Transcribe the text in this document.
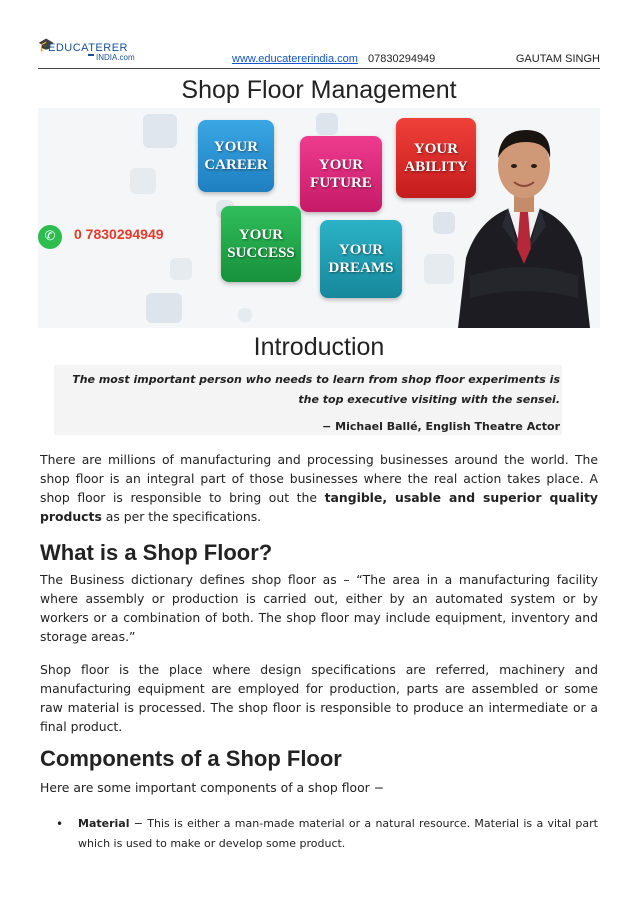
🎓
EDUCATERER
INDIA.com	www.educatererindia.com 07830294949	GAUTAM SINGH
Shop Floor Management
YOUR CAREER	YOUR FUTURE
YOUR ABILITY
YOUR SUCCESS	YOUR DREAMS
✆	0 7830294949
Introduction
The most important person who needs to learn from shop floor experiments is
the top executive visiting with the sensei.
− Michael Ballé, English Theatre Actor

There are millions of manufacturing and processing businesses around the world. The shop floor is an integral part of those businesses where the real action takes place. A shop floor is responsible to bring out the tangible, usable and superior quality products as per the specifications.

What is a Shop Floor?

The Business dictionary defines shop floor as – “The area in a manufacturing facility where assembly or production is carried out, either by an automated system or by workers or a combination of both. The shop floor may include equipment, inventory and storage areas.”

Shop floor is the place where design specifications are referred, machinery and manufacturing equipment are employed for production, parts are assembled or some raw material is processed. The shop floor is responsible to produce an intermediate or a final product.

Components of a Shop Floor

Here are some important components of a shop floor −

•	Material − This is either a man-made material or a natural resource. Material is a vital part which is used to make or develop some product.
